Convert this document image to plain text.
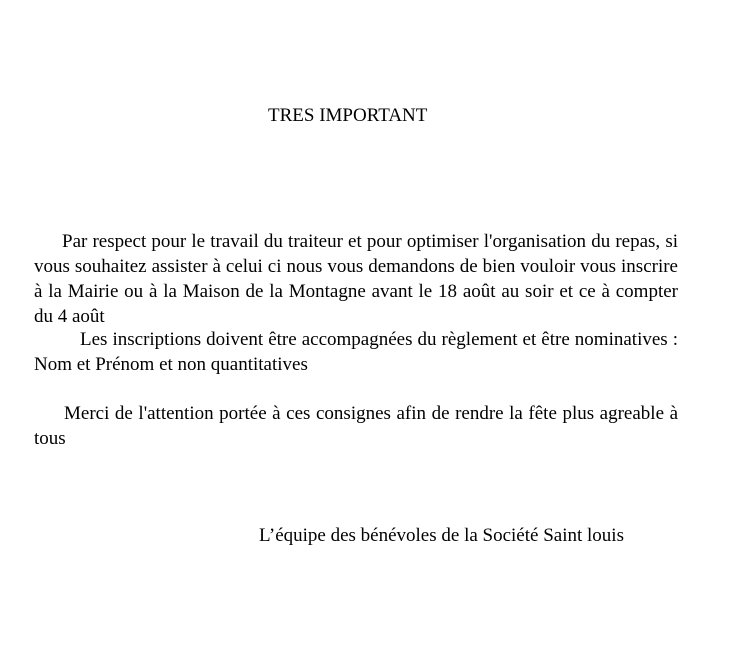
TRES IMPORTANT

Par respect pour le travail du traiteur et pour optimiser l'organisation du repas, si vous souhaitez assister à celui ci nous vous demandons de bien vouloir vous inscrire à la Mairie ou à la Maison de la Montagne avant le 18 août au soir et ce à compter du 4 août

Les inscriptions doivent être accompagnées du règlement et être nominatives : Nom et Prénom et non quantitatives

Merci de l'attention portée à ces consignes afin de rendre la fête plus agreable à tous

L’équipe des bénévoles de la Société Saint louis
